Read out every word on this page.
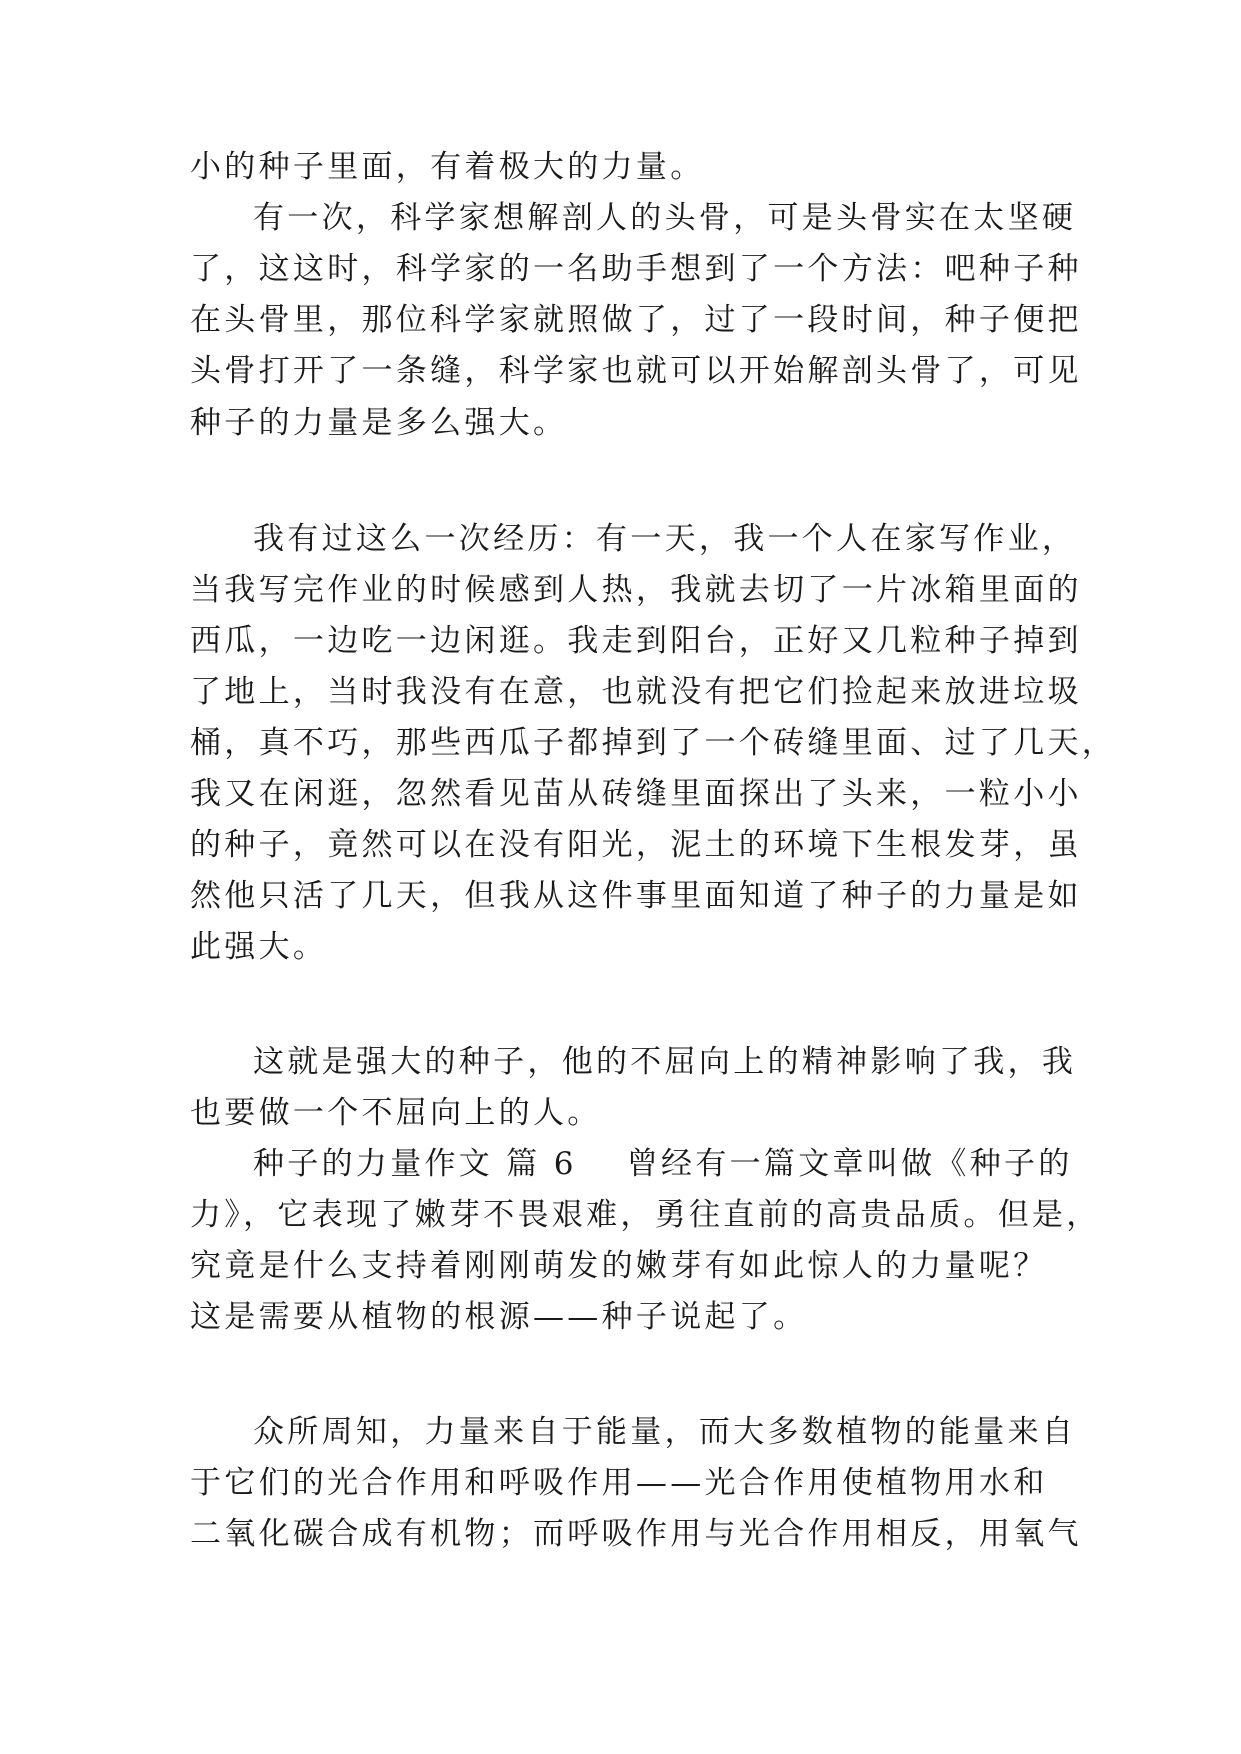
小的种子里面，有着极大的力量。
有一次，科学家想解剖人的头骨，可是头骨实在太坚硬
了，这这时，科学家的一名助手想到了一个方法：吧种子种
在头骨里，那位科学家就照做了，过了一段时间，种子便把
头骨打开了一条缝，科学家也就可以开始解剖头骨了，可见
种子的力量是多么强大。
我有过这么一次经历：有一天，我一个人在家写作业，
当我写完作业的时候感到人热，我就去切了一片冰箱里面的
西瓜，一边吃一边闲逛。我走到阳台，正好又几粒种子掉到
了地上，当时我没有在意，也就没有把它们捡起来放进垃圾
桶，真不巧，那些西瓜子都掉到了一个砖缝里面、过了几天，
我又在闲逛，忽然看见苗从砖缝里面探出了头来，一粒小小
的种子，竟然可以在没有阳光，泥土的环境下生根发芽，虽
然他只活了几天，但我从这件事里面知道了种子的力量是如
此强大。
这就是强大的种子，他的不屈向上的精神影响了我，我
也要做一个不屈向上的人。
种子的力量作文 篇 6 曾经有一篇文章叫做《种子的
力》，它表现了嫩芽不畏艰难，勇往直前的高贵品质。但是，
究竟是什么支持着刚刚萌发的嫩芽有如此惊人的力量呢？
这是需要从植物的根源——种子说起了。
众所周知，力量来自于能量，而大多数植物的能量来自
于它们的光合作用和呼吸作用——光合作用使植物用水和
二氧化碳合成有机物；而呼吸作用与光合作用相反，用氧气
